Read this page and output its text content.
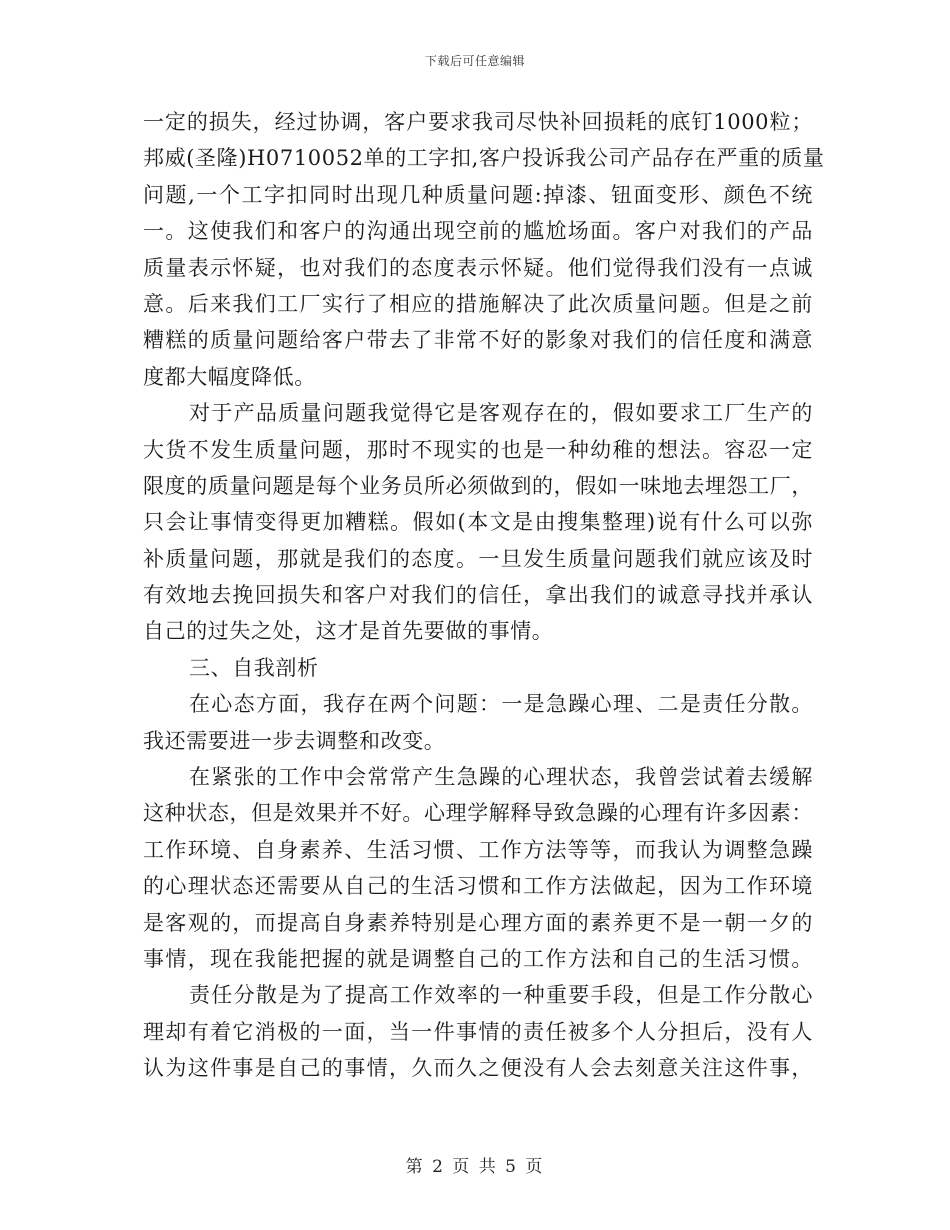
下载后可任意编辑
一定的损失，经过协调，客户要求我司尽快补回损耗的底钉1000粒；
邦威(圣隆)H0710052单的工字扣,客户投诉我公司产品存在严重的质量
问题,一个工字扣同时出现几种质量问题:掉漆、钮面变形、颜色不统
一。这使我们和客户的沟通出现空前的尴尬场面。客户对我们的产品
质量表示怀疑，也对我们的态度表示怀疑。他们觉得我们没有一点诚
意。后来我们工厂实行了相应的措施解决了此次质量问题。但是之前
糟糕的质量问题给客户带去了非常不好的影象对我们的信任度和满意
度都大幅度降低。
对于产品质量问题我觉得它是客观存在的，假如要求工厂生产的
大货不发生质量问题，那时不现实的也是一种幼稚的想法。容忍一定
限度的质量问题是每个业务员所必须做到的，假如一味地去埋怨工厂，
只会让事情变得更加糟糕。假如(本文是由搜集整理)说有什么可以弥
补质量问题，那就是我们的态度。一旦发生质量问题我们就应该及时
有效地去挽回损失和客户对我们的信任，拿出我们的诚意寻找并承认
自己的过失之处，这才是首先要做的事情。
三、自我剖析
在心态方面，我存在两个问题：一是急躁心理、二是责任分散。
我还需要进一步去调整和改变。
在紧张的工作中会常常产生急躁的心理状态，我曾尝试着去缓解
这种状态，但是效果并不好。心理学解释导致急躁的心理有许多因素：
工作环境、自身素养、生活习惯、工作方法等等，而我认为调整急躁
的心理状态还需要从自己的生活习惯和工作方法做起，因为工作环境
是客观的，而提高自身素养特别是心理方面的素养更不是一朝一夕的
事情，现在我能把握的就是调整自己的工作方法和自己的生活习惯。
责任分散是为了提高工作效率的一种重要手段，但是工作分散心
理却有着它消极的一面，当一件事情的责任被多个人分担后，没有人
认为这件事是自己的事情，久而久之便没有人会去刻意关注这件事，
第 2 页 共 5 页
